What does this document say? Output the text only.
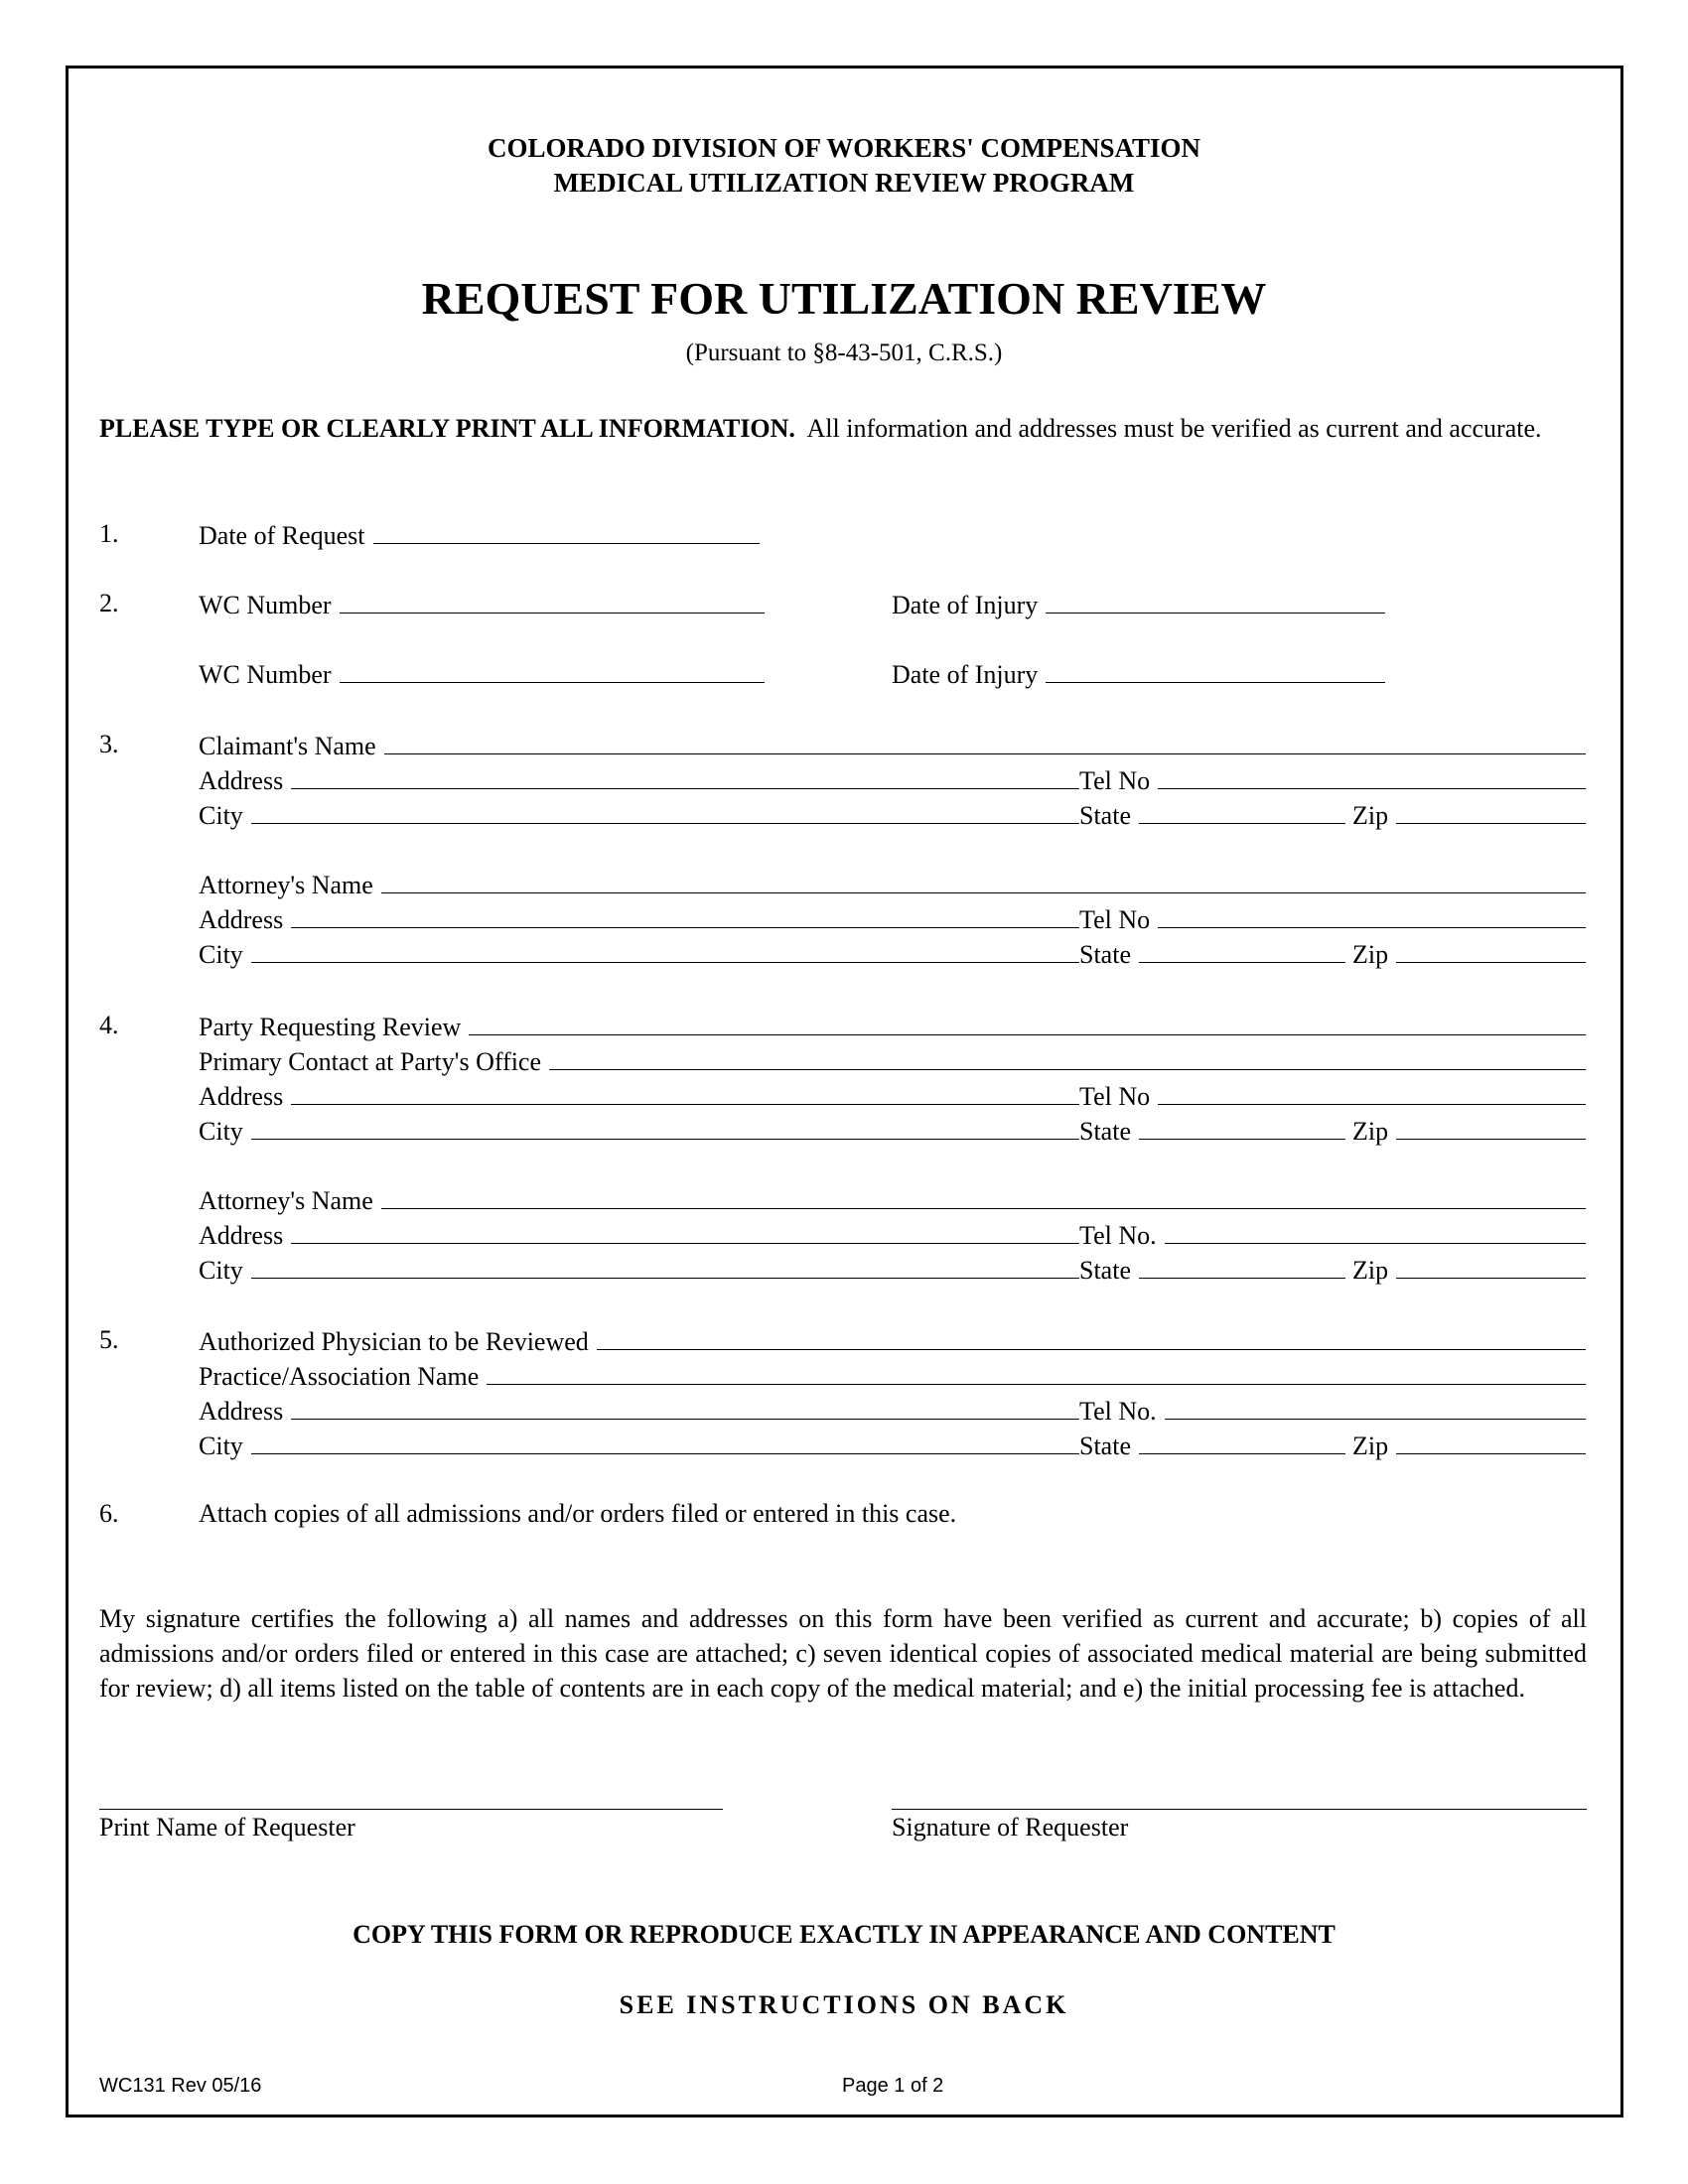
COLORADO DIVISION OF WORKERS' COMPENSATION
MEDICAL UTILIZATION REVIEW PROGRAM
REQUEST FOR UTILIZATION REVIEW
(Pursuant to §8-43-501, C.R.S.)
PLEASE TYPE OR CLEARLY PRINT ALL INFORMATION.  All information and addresses must be verified as current and accurate.
1.	Date of Request
2.	WC Number	Date of Injury
WC Number	Date of Injury
3.	Claimant's Name
Address	Tel No
City	State	Zip
Attorney's Name
Address	Tel No
City	State	Zip
4.	Party Requesting Review
Primary Contact at Party's Office
Address	Tel No
City	State	Zip
Attorney's Name
Address	Tel No.
City	State	Zip
5.	Authorized Physician to be Reviewed
Practice/Association Name
Address	Tel No.
City	State	Zip
6.	Attach copies of all admissions and/or orders filed or entered in this case.
My signature certifies the following a) all names and addresses on this form have been verified as current and accurate; b) copies of all admissions and/or orders filed or entered in this case are attached; c) seven identical copies of associated medical material are being submitted for review; d) all items listed on the table of contents are in each copy of the medical material; and e) the initial processing fee is attached.
Print Name of Requester	Signature of Requester
COPY THIS FORM OR REPRODUCE EXACTLY IN APPEARANCE AND CONTENT
SEE INSTRUCTIONS ON BACK
WC131 Rev 05/16	Page 1 of 2
